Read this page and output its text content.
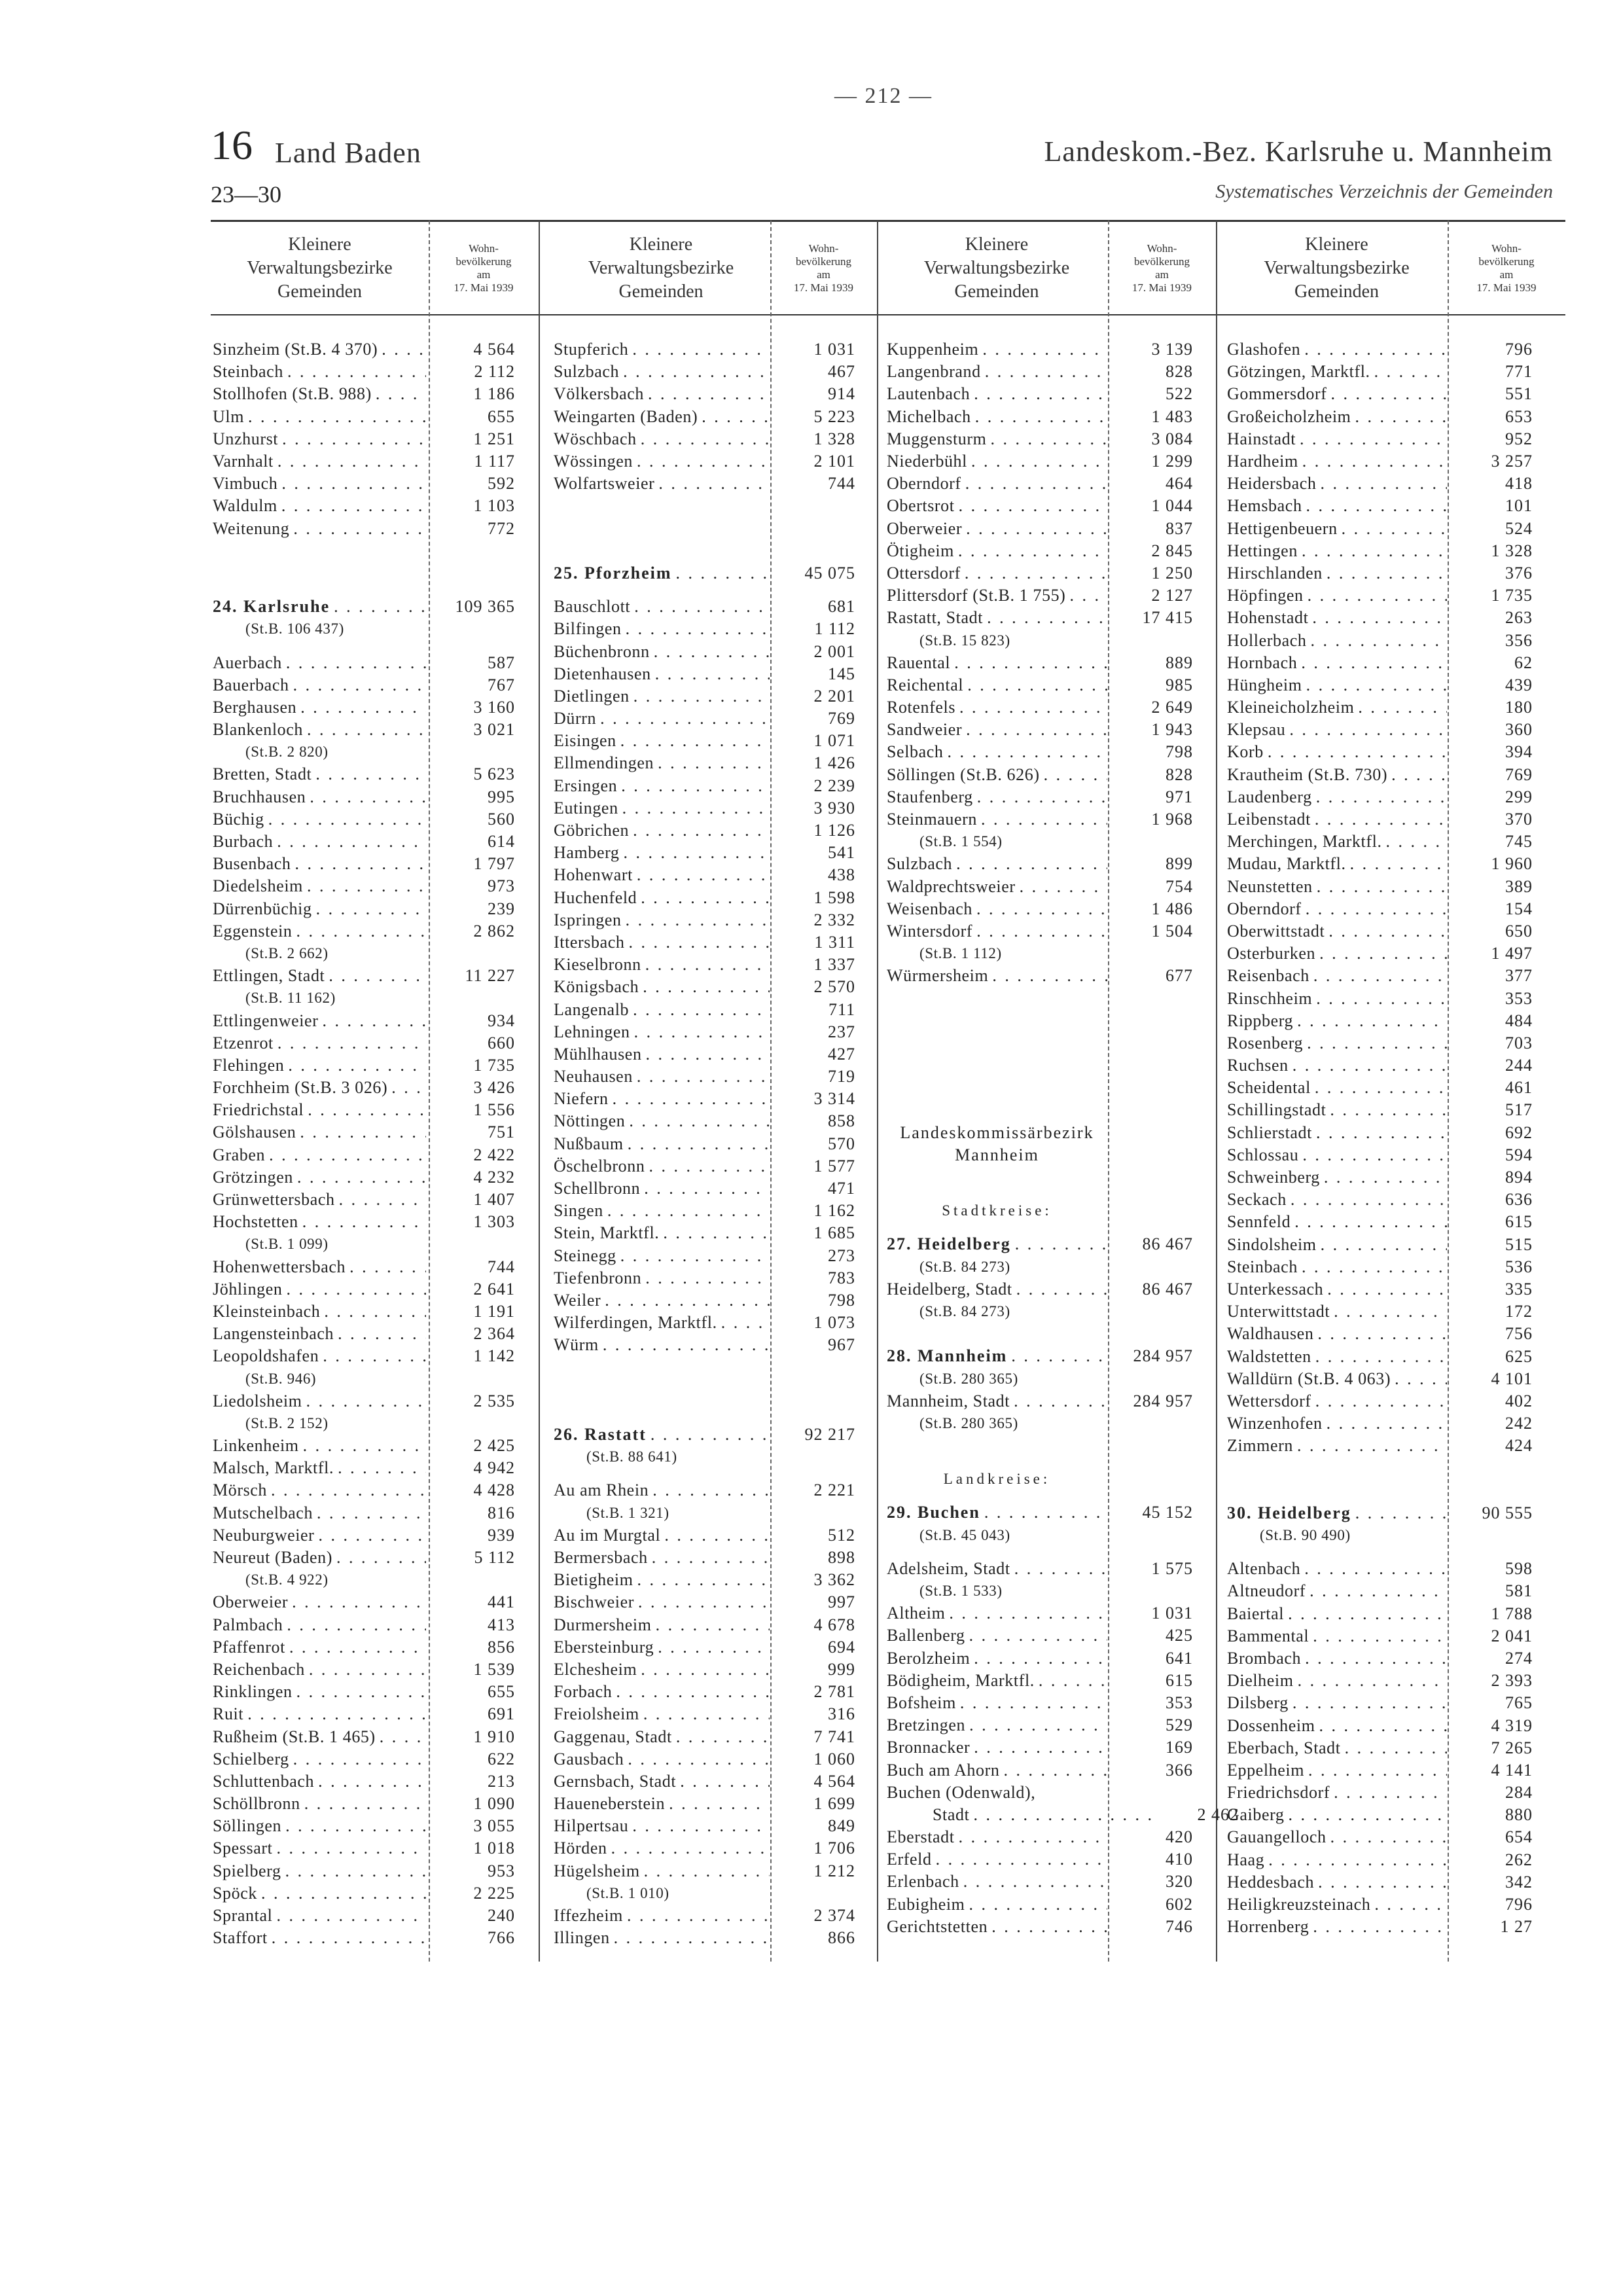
— 212 —
16 Land Baden
23—30
Landeskom.-Bez. Karlsruhe u. Mannheim
Systematisches Verzeichnis der Gemeinden
Kleinere
Verwaltungsbezirke
Gemeinden
Wohn-
bevölkerung
am
17. Mai 1939
Kleinere
Verwaltungsbezirke
Gemeinden
Wohn-
bevölkerung
am
17. Mai 1939
Kleinere
Verwaltungsbezirke
Gemeinden
Wohn-
bevölkerung
am
17. Mai 1939
Kleinere
Verwaltungsbezirke
Gemeinden
Wohn-
bevölkerung
am
17. Mai 1939
Sinzheim (St.B. 4 370) . . .	4 564
Steinbach . . .	2 112
Stollhofen (St.B. 988) . . .	1 186
Ulm . . .	655
Unzhurst . . .	1 251
Varnhalt . . .	1 117
Vimbuch . . .	592
Waldulm . . .	1 103
Weitenung . . .	772
24. Karlsruhe . . .	109 365
(St.B. 106 437)
Auerbach . . .	587
Bauerbach . . .	767
Berghausen . . .	3 160
Blankenloch . . .	3 021
(St.B. 2 820)
Bretten, Stadt . . .	5 623
Bruchhausen . . .	995
Büchig . . .	560
Burbach . . .	614
Busenbach . . .	1 797
Diedelsheim . . .	973
Dürrenbüchig . . .	239
Eggenstein . . .	2 862
(St.B. 2 662)
Ettlingen, Stadt . . .	11 227
(St.B. 11 162)
Ettlingenweier . . .	934
Etzenrot . . .	660
Flehingen . . .	1 735
Forchheim (St.B. 3 026) . . .	3 426
Friedrichstal . . .	1 556
Gölshausen . . .	751
Graben . . .	2 422
Grötzingen . . .	4 232
Grünwettersbach . . .	1 407
Hochstetten . . .	1 303
(St.B. 1 099)
Hohenwettersbach . . .	744
Jöhlingen . . .	2 641
Kleinsteinbach . . .	1 191
Langensteinbach . . .	2 364
Leopoldshafen . . .	1 142
(St.B. 946)
Liedolsheim . . .	2 535
(St.B. 2 152)
Linkenheim . . .	2 425
Malsch, Marktfl. . . .	4 942
Mörsch . . .	4 428
Mutschelbach . . .	816
Neuburgweier . . .	939
Neureut (Baden) . . .	5 112
(St.B. 4 922)
Oberweier . . .	441
Palmbach . . .	413
Pfaffenrot . . .	856
Reichenbach . . .	1 539
Rinklingen . . .	655
Ruit . . .	691
Rußheim (St.B. 1 465) . . .	1 910
Schielberg . . .	622
Schluttenbach . . .	213
Schöllbronn . . .	1 090
Söllingen . . .	3 055
Spessart . . .	1 018
Spielberg . . .	953
Spöck . . .	2 225
Sprantal . . .	240
Staffort . . .	766
Stupferich . . .	1 031
Sulzbach . . .	467
Völkersbach . . .	914
Weingarten (Baden) . . .	5 223
Wöschbach . . .	1 328
Wössingen . . .	2 101
Wolfartsweier . . .	744
25. Pforzheim . . .	45 075
Bauschlott . . .	681
Bilfingen . . .	1 112
Büchenbronn . . .	2 001
Dietenhausen . . .	145
Dietlingen . . .	2 201
Dürrn . . .	769
Eisingen . . .	1 071
Ellmendingen . . .	1 426
Ersingen . . .	2 239
Eutingen . . .	3 930
Göbrichen . . .	1 126
Hamberg . . .	541
Hohenwart . . .	438
Huchenfeld . . .	1 598
Ispringen . . .	2 332
Ittersbach . . .	1 311
Kieselbronn . . .	1 337
Königsbach . . .	2 570
Langenalb . . .	711
Lehningen . . .	237
Mühlhausen . . .	427
Neuhausen . . .	719
Niefern . . .	3 314
Nöttingen . . .	858
Nußbaum . . .	570
Öschelbronn . . .	1 577
Schellbronn . . .	471
Singen . . .	1 162
Stein, Marktfl. . . .	1 685
Steinegg . . .	273
Tiefenbronn . . .	783
Weiler . . .	798
Wilferdingen, Marktfl. . . .	1 073
Würm . . .	967
26. Rastatt . . .	92 217
(St.B. 88 641)
Au am Rhein . . .	2 221
(St.B. 1 321)
Au im Murgtal . . .	512
Bermersbach . . .	898
Bietigheim . . .	3 362
Bischweier . . .	997
Durmersheim . . .	4 678
Ebersteinburg . . .	694
Elchesheim . . .	999
Forbach . . .	2 781
Freiolsheim . . .	316
Gaggenau, Stadt . . .	7 741
Gausbach . . .	1 060
Gernsbach, Stadt . . .	4 564
Haueneberstein . . .	1 699
Hilpertsau . . .	849
Hörden . . .	1 706
Hügelsheim . . .	1 212
(St.B. 1 010)
Iffezheim . . .	2 374
Illingen . . .	866
Kuppenheim . . .	3 139
Langenbrand . . .	828
Lautenbach . . .	522
Michelbach . . .	1 483
Muggensturm . . .	3 084
Niederbühl . . .	1 299
Oberndorf . . .	464
Obertsrot . . .	1 044
Oberweier . . .	837
Ötigheim . . .	2 845
Ottersdorf . . .	1 250
Plittersdorf (St.B. 1 755) . . .	2 127
Rastatt, Stadt . . .	17 415
(St.B. 15 823)
Rauental . . .	889
Reichental . . .	985
Rotenfels . . .	2 649
Sandweier . . .	1 943
Selbach . . .	798
Söllingen (St.B. 626) . . .	828
Staufenberg . . .	971
Steinmauern . . .	1 968
(St.B. 1 554)
Sulzbach . . .	899
Waldprechtsweier . . .	754
Weisenbach . . .	1 486
Wintersdorf . . .	1 504
(St.B. 1 112)
Würmersheim . . .	677
Landeskommissärbezirk
Mannheim
Stadtkreise:
27. Heidelberg . . .	86 467
(St.B. 84 273)
Heidelberg, Stadt . . .	86 467
(St.B. 84 273)
28. Mannheim . . .	284 957
(St.B. 280 365)
Mannheim, Stadt . . .	284 957
(St.B. 280 365)
Landkreise:
29. Buchen . . .	45 152
(St.B. 45 043)
Adelsheim, Stadt . . .	1 575
(St.B. 1 533)
Altheim . . .	1 031
Ballenberg . . .	425
Berolzheim . . .	641
Bödigheim, Marktfl. . . .	615
Bofsheim . . .	353
Bretzingen . . .	529
Bronnacker . . .	169
Buch am Ahorn . . .	366
Buchen (Odenwald),
Stadt . . .	2 462
Eberstadt . . .	420
Erfeld . . .	410
Erlenbach . . .	320
Eubigheim . . .	602
Gerichtstetten . . .	746
Glashofen . . .	796
Götzingen, Marktfl. . . .	771
Gommersdorf . . .	551
Großeicholzheim . . .	653
Hainstadt . . .	952
Hardheim . . .	3 257
Heidersbach . . .	418
Hemsbach . . .	101
Hettigenbeuern . . .	524
Hettingen . . .	1 328
Hirschlanden . . .	376
Höpfingen . . .	1 735
Hohenstadt . . .	263
Hollerbach . . .	356
Hornbach . . .	62
Hüngheim . . .	439
Kleineicholzheim . . .	180
Klepsau . . .	360
Korb . . .	394
Krautheim (St.B. 730) . . .	769
Laudenberg . . .	299
Leibenstadt . . .	370
Merchingen, Marktfl. . . .	745
Mudau, Marktfl. . . .	1 960
Neunstetten . . .	389
Oberndorf . . .	154
Oberwittstadt . . .	650
Osterburken . . .	1 497
Reisenbach . . .	377
Rinschheim . . .	353
Rippberg . . .	484
Rosenberg . . .	703
Ruchsen . . .	244
Scheidental . . .	461
Schillingstadt . . .	517
Schlierstadt . . .	692
Schlossau . . .	594
Schweinberg . . .	894
Seckach . . .	636
Sennfeld . . .	615
Sindolsheim . . .	515
Steinbach . . .	536
Unterkessach . . .	335
Unterwittstadt . . .	172
Waldhausen . . .	756
Waldstetten . . .	625
Walldürn (St.B. 4 063) . . .	4 101
Wettersdorf . . .	402
Winzenhofen . . .	242
Zimmern . . .	424
30. Heidelberg . . .	90 555
(St.B. 90 490)
Altenbach . . .	598
Altneudorf . . .	581
Baiertal . . .	1 788
Bammental . . .	2 041
Brombach . . .	274
Dielheim . . .	2 393
Dilsberg . . .	765
Dossenheim . . .	4 319
Eberbach, Stadt . . .	7 265
Eppelheim . . .	4 141
Friedrichsdorf . . .	284
Gaiberg . . .	880
Gauangelloch . . .	654
Haag . . .	262
Heddesbach . . .	342
Heiligkreuzsteinach . . .	796
Horrenberg . . .	1 27
